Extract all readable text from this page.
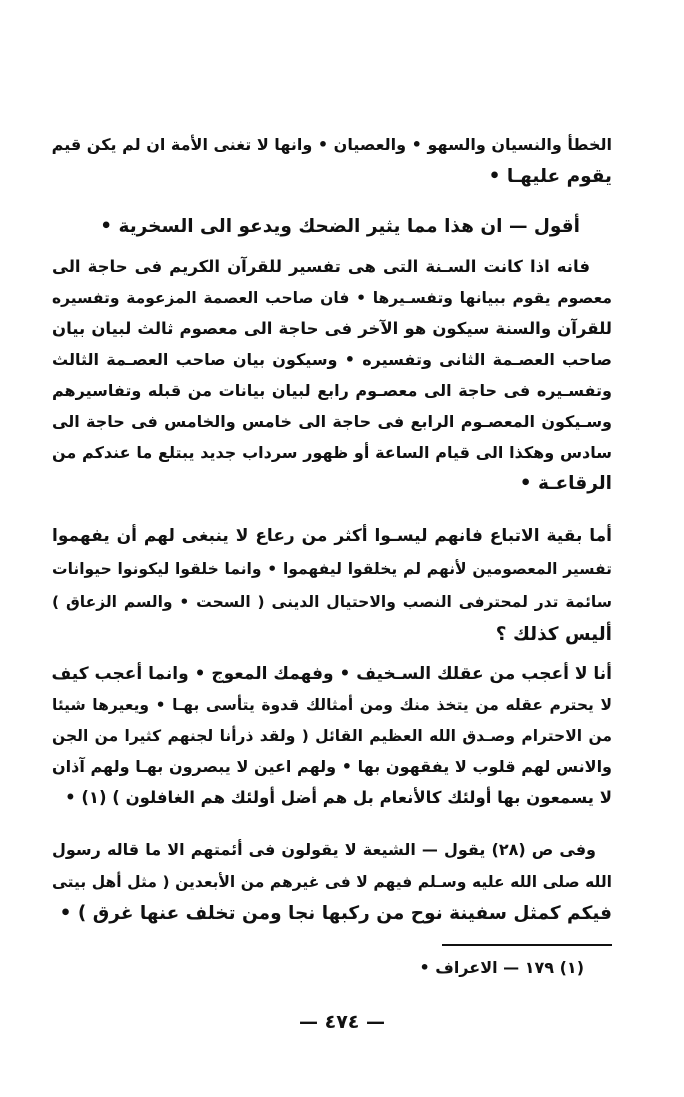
الخطأ والنسيان والسهو • والعصيان • وانها لا تغنى الأمة ان لم يكن قيم
يقوم عليهـا •
أقول — ان هذا مما يثير الضحك ويدعو الى السخرية •
فانه اذا كانت السـنة التى هى تفسير للقرآن الكريم فى حاجة الى
معصوم يقوم ببيانها وتفسـيرها • فان صاحب العصمة المزعومة وتفسيره
للقرآن والسنة سيكون هو الآخر فى حاجة الى معصوم ثالث لبيان بيان
صاحب العصـمة الثانى وتفسيره • وسيكون بيان صاحب العصـمة الثالث
وتفسـيره فى حاجة الى معصـوم رابع لبيان بيانات من قبله وتفاسيرهم
وسـيكون المعصـوم الرابع فى حاجة الى خامس والخامس فى حاجة الى
سادس وهكذا الى قيام الساعة أو ظهور سرداب جديد يبتلع ما عندكم من
الرقاعـة •
أما بقية الاتباع فانهم ليسـوا أكثر من رعاع لا ينبغى لهم أن يفهموا
تفسير المعصومين لأنهم لم يخلقوا ليفهموا • وانما خلقوا ليكونوا حيوانات
سائمة تدر لمحترفى النصب والاحتيال الدينى ( السحت • والسم الزعاق )
أليس كذلك ؟
أنا لا أعجب من عقلك السـخيف • وفهمك المعوج • وانما أعجب كيف
لا يحترم عقله من يتخذ منك ومن أمثالك قدوة يتأسى بهـا • ويعيرها شيئا
من الاحترام وصـدق الله العظيم القائل ( ولقد ذرأنا لجنهم كثيرا من الجن
والانس لهم قلوب لا يفقهون بها • ولهم اعين لا يبصرون بهـا ولهم آذان
لا يسمعون بها أولئك كالأنعام بل هم أضل أولئك هم الغافلون ) (١) •
وفى ص (٢٨) يقول — الشيعة لا يقولون فى أئمتهم الا ما قاله رسول
الله صلى الله عليه وسـلم فيهم لا فى غيرهم من الأبعدين ( مثل أهل بيتى
فيكم كمثل سفينة نوح من ركبها نجا ومن تخلف عنها غرق ) •
(١) ١٧٩ — الاعراف •
— ٤٧٤ —
